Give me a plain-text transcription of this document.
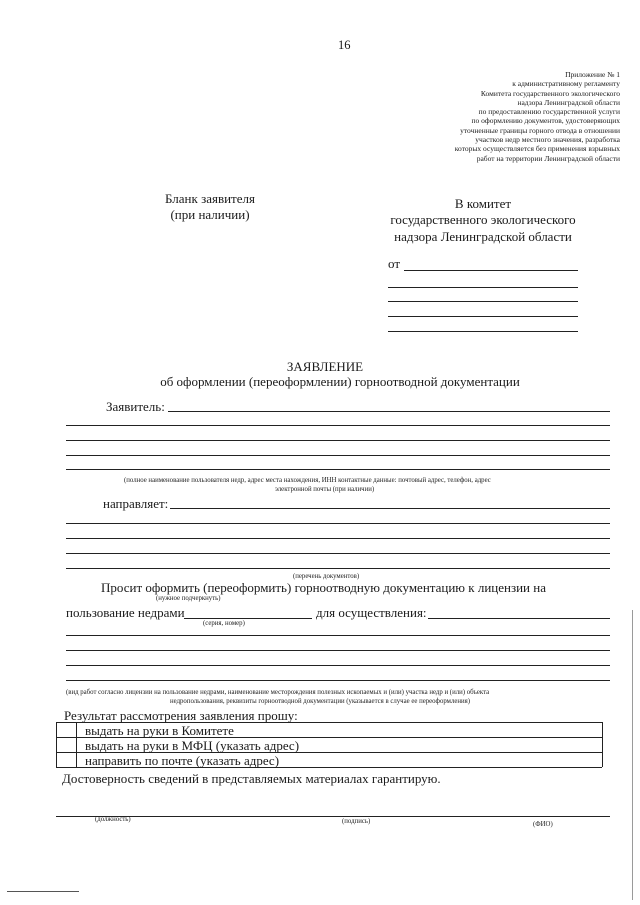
16
Приложение № 1
к административному регламенту
Комитета государственного экологического
надзора Ленинградской области
по предоставлению государственной услуги
по оформлению документов, удостоверяющих
уточненные границы горного отвода в отношении
участков недр местного значения, разработка
которых осуществляется без применения взрывных
работ на территории Ленинградской области
Бланк заявителя
(при наличии)
В комитет
государственного экологического
надзора Ленинградской области
от
ЗАЯВЛЕНИЕ
об оформлении (переоформлении) горноотводной документации
Заявитель:
(полное наименование пользователя недр, адрес места нахождения, ИНН контактные данные: почтовый адрес, телефон, адрес
электронной почты (при наличии)
направляет:
(перечень документов)
Просит оформить (переоформить) горноотводную документацию к лицензии на
(нужное подчеркнуть)
пользование недрами	для осуществления:
(серия, номер)
(вид работ согласно лицензии на пользование недрами, наименование месторождения полезных ископаемых и (или) участка недр и (или) объекта
недропользования, реквизиты горноотводной документации (указывается в случае ее переоформления)
Результат рассмотрения заявления прошу:
выдать на руки в Комитете
выдать на руки в МФЦ (указать адрес)
направить по почте (указать адрес)
Достоверность сведений в представляемых материалах гарантирую.
(должность)	(подпись)	(ФИО)
